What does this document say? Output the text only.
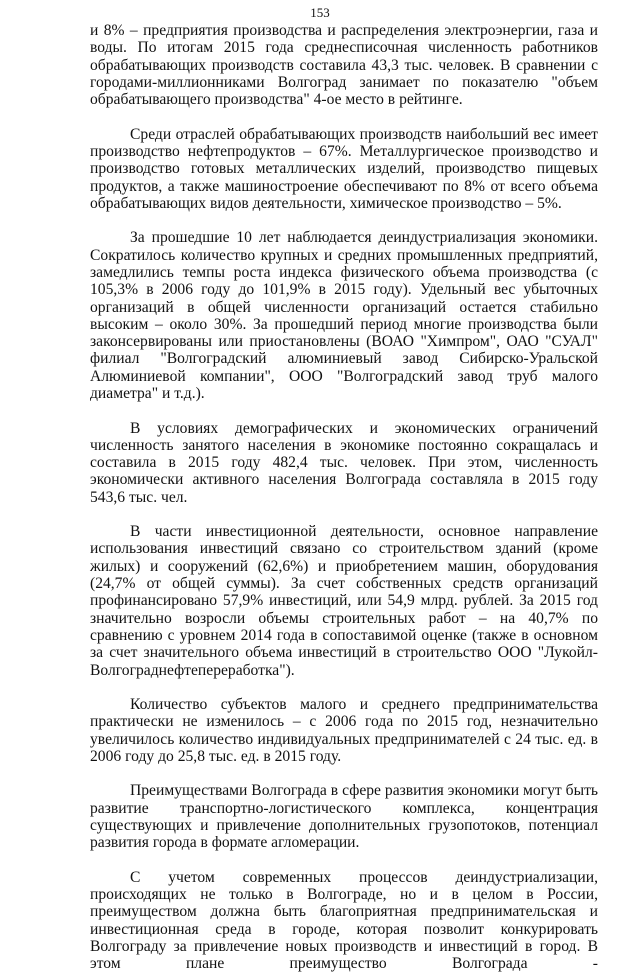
153

и 8% – предприятия производства и распределения электроэнергии, газа и воды. По итогам 2015 года среднесписочная численность работников обрабатывающих производств составила 43,3 тыс. человек. В сравнении с городами-миллионниками Волгоград занимает по показателю "объем обрабатывающего производства" 4-ое место в рейтинге.

Среди отраслей обрабатывающих производств наибольший вес имеет производство нефтепродуктов – 67%. Металлургическое производство и производство готовых металлических изделий, производство пищевых продуктов, а также машиностроение обеспечивают по 8% от всего объема обрабатывающих видов деятельности, химическое производство – 5%.

За прошедшие 10 лет наблюдается деиндустриализация экономики. Сократилось количество крупных и средних промышленных предприятий, замедлились темпы роста индекса физического объема производства (с 105,3% в 2006 году до 101,9% в 2015 году). Удельный вес убыточных организаций в общей численности организаций остается стабильно высоким – около 30%. За прошедший период многие производства были законсервированы или приостановлены (ВОАО "Химпром", ОАО "СУАЛ" филиал "Волгоградский алюминиевый завод Сибирско-Уральской Алюминиевой компании", ООО "Волгоградский завод труб малого диаметра" и т.д.).

В условиях демографических и экономических ограничений численность занятого населения в экономике постоянно сокращалась и составила в 2015 году 482,4 тыс. человек. При этом, численность экономически активного населения Волгограда составляла в 2015 году 543,6 тыс. чел.

В части инвестиционной деятельности, основное направление использования инвестиций связано со строительством зданий (кроме жилых) и сооружений (62,6%) и приобретением машин, оборудования (24,7% от общей суммы). За счет собственных средств организаций профинансировано 57,9% инвестиций, или 54,9 млрд. рублей. За 2015 год значительно возросли объемы строительных работ – на 40,7% по сравнению с уровнем 2014 года в сопоставимой оценке (также в основном за счет значительного объема инвестиций в строительство ООО "Лукойл-Волгограднефтепереработка").

Количество субъектов малого и среднего предпринимательства практически не изменилось – с 2006 года по 2015 год, незначительно увеличилось количество индивидуальных предпринимателей с 24 тыс. ед. в 2006 году до 25,8 тыс. ед. в 2015 году.

Преимуществами Волгограда в сфере развития экономики могут быть развитие транспортно-логистического комплекса, концентрация существующих и привлечение дополнительных грузопотоков, потенциал развития города в формате агломерации.

С учетом современных процессов деиндустриализации, происходящих не только в Волгограде, но и в целом в России, преимуществом должна быть благоприятная предпринимательская и инвестиционная среда в городе, которая позволит конкурировать Волгограду за привлечение новых производств и инвестиций в город. В этом плане преимущество Волгограда -
